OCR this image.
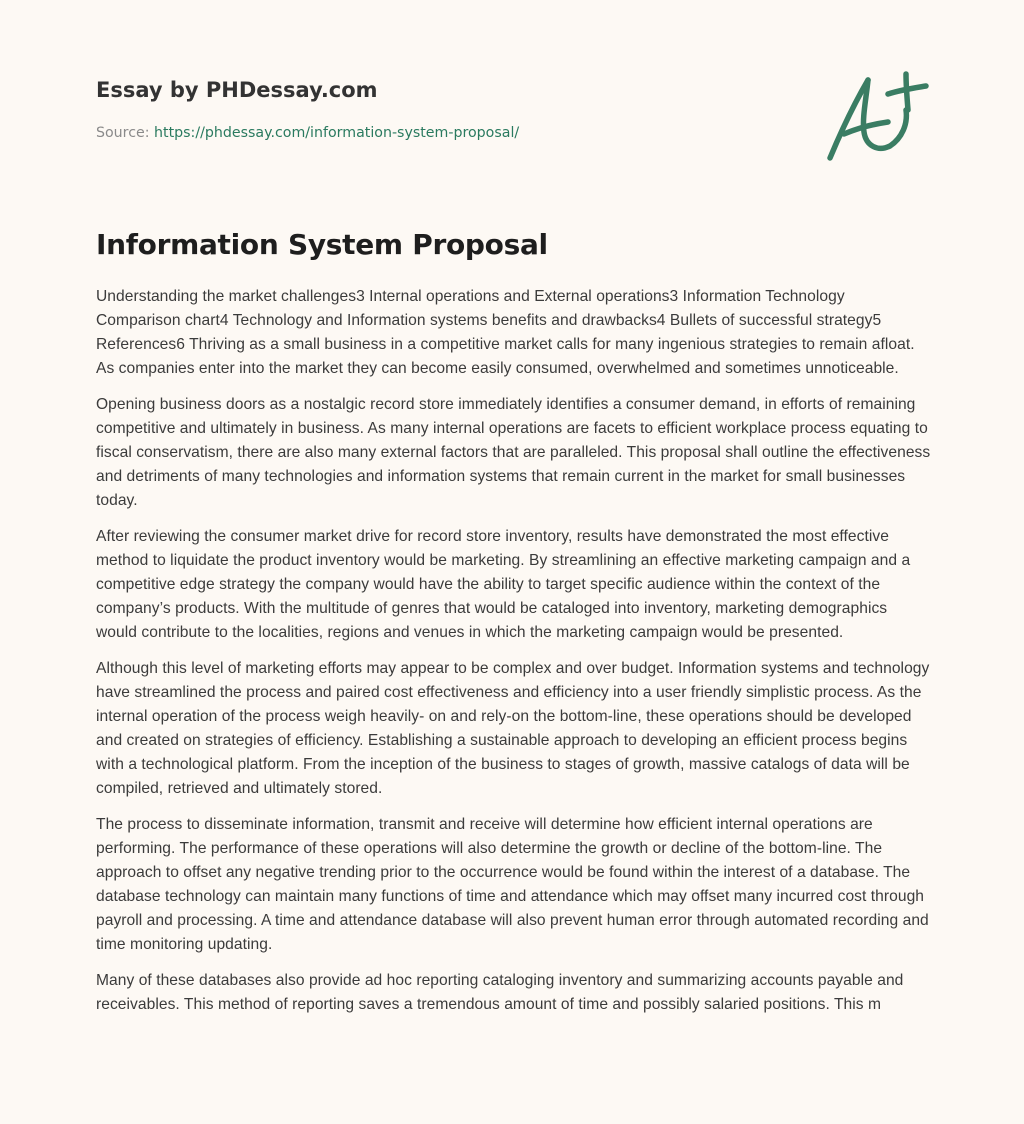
Essay by PHDessay.com
Source: https://phdessay.com/information-system-proposal/
Information System Proposal

Understanding the market challenges3 Internal operations and External operations3 Information Technology Comparison chart4 Technology and Information systems benefits and drawbacks4 Bullets of successful strategy5 References6 Thriving as a small business in a competitive market calls for many ingenious strategies to remain afloat. As companies enter into the market they can become easily consumed, overwhelmed and sometimes unnoticeable.

Opening business doors as a nostalgic record store immediately identifies a consumer demand, in efforts of remaining competitive and ultimately in business. As many internal operations are facets to efficient workplace process equating to fiscal conservatism, there are also many external factors that are paralleled. This proposal shall outline the effectiveness and detriments of many technologies and information systems that remain current in the market for small businesses today.

After reviewing the consumer market drive for record store inventory, results have demonstrated the most effective method to liquidate the product inventory would be marketing. By streamlining an effective marketing campaign and a competitive edge strategy the company would have the ability to target specific audience within the context of the company’s products. With the multitude of genres that would be cataloged into inventory, marketing demographics would contribute to the localities, regions and venues in which the marketing campaign would be presented.

Although this level of marketing efforts may appear to be complex and over budget. Information systems and technology have streamlined the process and paired cost effectiveness and efficiency into a user friendly simplistic process. As the internal operation of the process weigh heavily- on and rely-on the bottom-line, these operations should be developed and created on strategies of efficiency. Establishing a sustainable approach to developing an efficient process begins with a technological platform. From the inception of the business to stages of growth, massive catalogs of data will be compiled, retrieved and ultimately stored.

The process to disseminate information, transmit and receive will determine how efficient internal operations are performing. The performance of these operations will also determine the growth or decline of the bottom-line. The approach to offset any negative trending prior to the occurrence would be found within the interest of a database. The database technology can maintain many functions of time and attendance which may offset many incurred cost through payroll and processing. A time and attendance database will also prevent human error through automated recording and time monitoring updating.

Many of these databases also provide ad hoc reporting cataloging inventory and summarizing accounts payable and receivables. This method of reporting saves a tremendous amount of time and possibly salaried positions. This m
